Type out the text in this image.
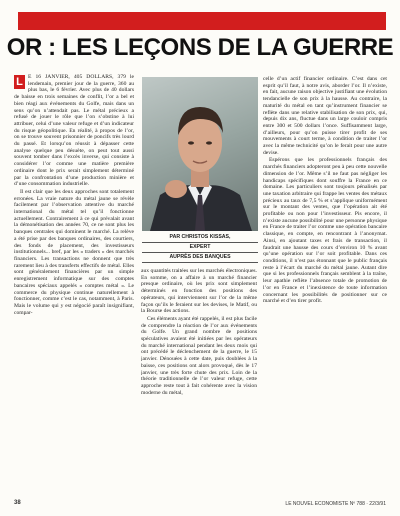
OR : LES LEÇONS DE LA GUERRE

L E 16 JANVIER, 405 DOLLARS, 379 le lendemain, premier jour de la guerre, 360 au plus bas, le 6 février. Avec plus de 40 dollars de baisse en trois semaines de conflit, l’or a bel et bien réagi aux événements du Golfe, mais dans un sens qu’on n’attendait pas. Le métal précieux a refusé de jouer le rôle que l’on s’obstine à lui attribuer, celui d’une valeur refuge et d’un indicateur du risque géopolitique. En réalité, à propos de l’or, on se trouve souvent prisonnier de poncifs très lourd du passé. Et lorsqu’on réussit à dépasser cette analyse quelque peu désuète, on peut tout aussi souvent tomber dans l’excès inverse, qui consiste à considérer l’or comme une matière première ordinaire dont le prix serait simplement déterminé par la confrontation d’une production minière et d’une consommation industrielle.

Il est clair que les deux approches sont totalement erronées. La vraie nature du métal jaune se révèle facilement par l’observation attentive du marché international du métal tel qu’il fonctionne actuellement. Contrairement à ce qui prévalait avant la démonétisation des années 70, ce ne sont plus les banques centrales qui dominent le marché. La relève a été prise par des banques ordinaires, des courtiers, des fonds de placement, des investisseurs institutionnels... bref, par les « traders » des marchés financiers. Les transactions ne donnent que très rarement lieu à des transferts effectifs de métal. Elles sont généralement financières par un simple enregistrement informatique sur des comptes bancaires spéciaux appelés « comptes métal ». Le commerce du physique continue naturellement à fonctionner, comme c’est le cas, notamment, à Paris. Mais le volume qui y est négocié paraît insignifiant, compar-

PAR CHRISTOS KISSAS,
EXPERT
AUPRÈS DES BANQUES

aux quantités traitées sur les marchés électroniques. En somme, on a affaire à un marché financier presque ordinaire, où les prix sont simplement déterminés en fonction des positions des opérateurs, qui interviennent sur l’or de la même façon qu’ils le feraient sur les devises, le Matif, ou la Bourse des actions.

Ces éléments ayant été rappelés, il est plus facile de comprendre la réaction de l’or aux événements du Golfe. Un grand nombre de positions spéculatives avaient été initiées par les opérateurs du marché international pendant les deux mois qui ont précédé le déclenchement de la guerre, le 15 janvier. Dénouées à cette date, puis doublées à la baisse, ces positions ont alors provoqué, dès le 17 janvier, une très forte chute des prix. Loin de la théorie traditionnelle de l’or valeur refuge, cette approche reste tout à fait cohérente avec la vision moderne du métal,

celle d’un actif financier ordinaire. C’est dans cet esprit qu’il faut, à notre avis, aborder l’or. Il n’existe, en fait, aucune raison objective justifiant une évolution tendancielle de son prix à la hausse. Au contraire, la maturité du métal en tant qu’instrument financier se reflète dans une relative stabilisation de son prix, qui, depuis dix ans, fluctue dans un large couloir compris entre 300 et 500 dollars l’once. Suffisamment large, d’ailleurs, pour qu’on puisse tirer profit de ses mouvements à court terme, à condition de traiter l’or avec la même technicité qu’on le ferait pour une autre devise.

Espérons que les professionnels français des marchés financiers adopteront peu à peu cette nouvelle dimension de l’or. Même s’il ne faut pas négliger les handicaps spécifiques dont souffre la France en ce domaine. Les particuliers sont toujours pénalisés par une taxation arbitraire qui frappe les ventes des métaux précieux au taux de 7,5 % et s’applique uniformément sur le montant des ventes, que l’opération ait été profitable ou non pour l’investisseur. Pis encore, il n’existe aucune possibilité pour une personne physique en France de traiter l’or comme une opération bancaire classique, en compte, en rencontrant à l’anonymat. Ainsi, en ajoutant taxes et frais de transaction, il faudrait une hausse des cours d’environ 10 % avant qu’une opération sur l’or soit profitable. Dans ces conditions, il n’est pas étonnant que le public français reste à l’écart du marché du métal jaune. Autant dire que si les professionnels français semblent à la traîne, leur apathie reflète l’absence totale de promotion de l’or en France et l’inexistence de toute information concernant les possibilités de positionner sur ce marché et d’en tirer profit.

38	LE NOUVEL ECONOMISTE Nº 788 · 22/3/91
